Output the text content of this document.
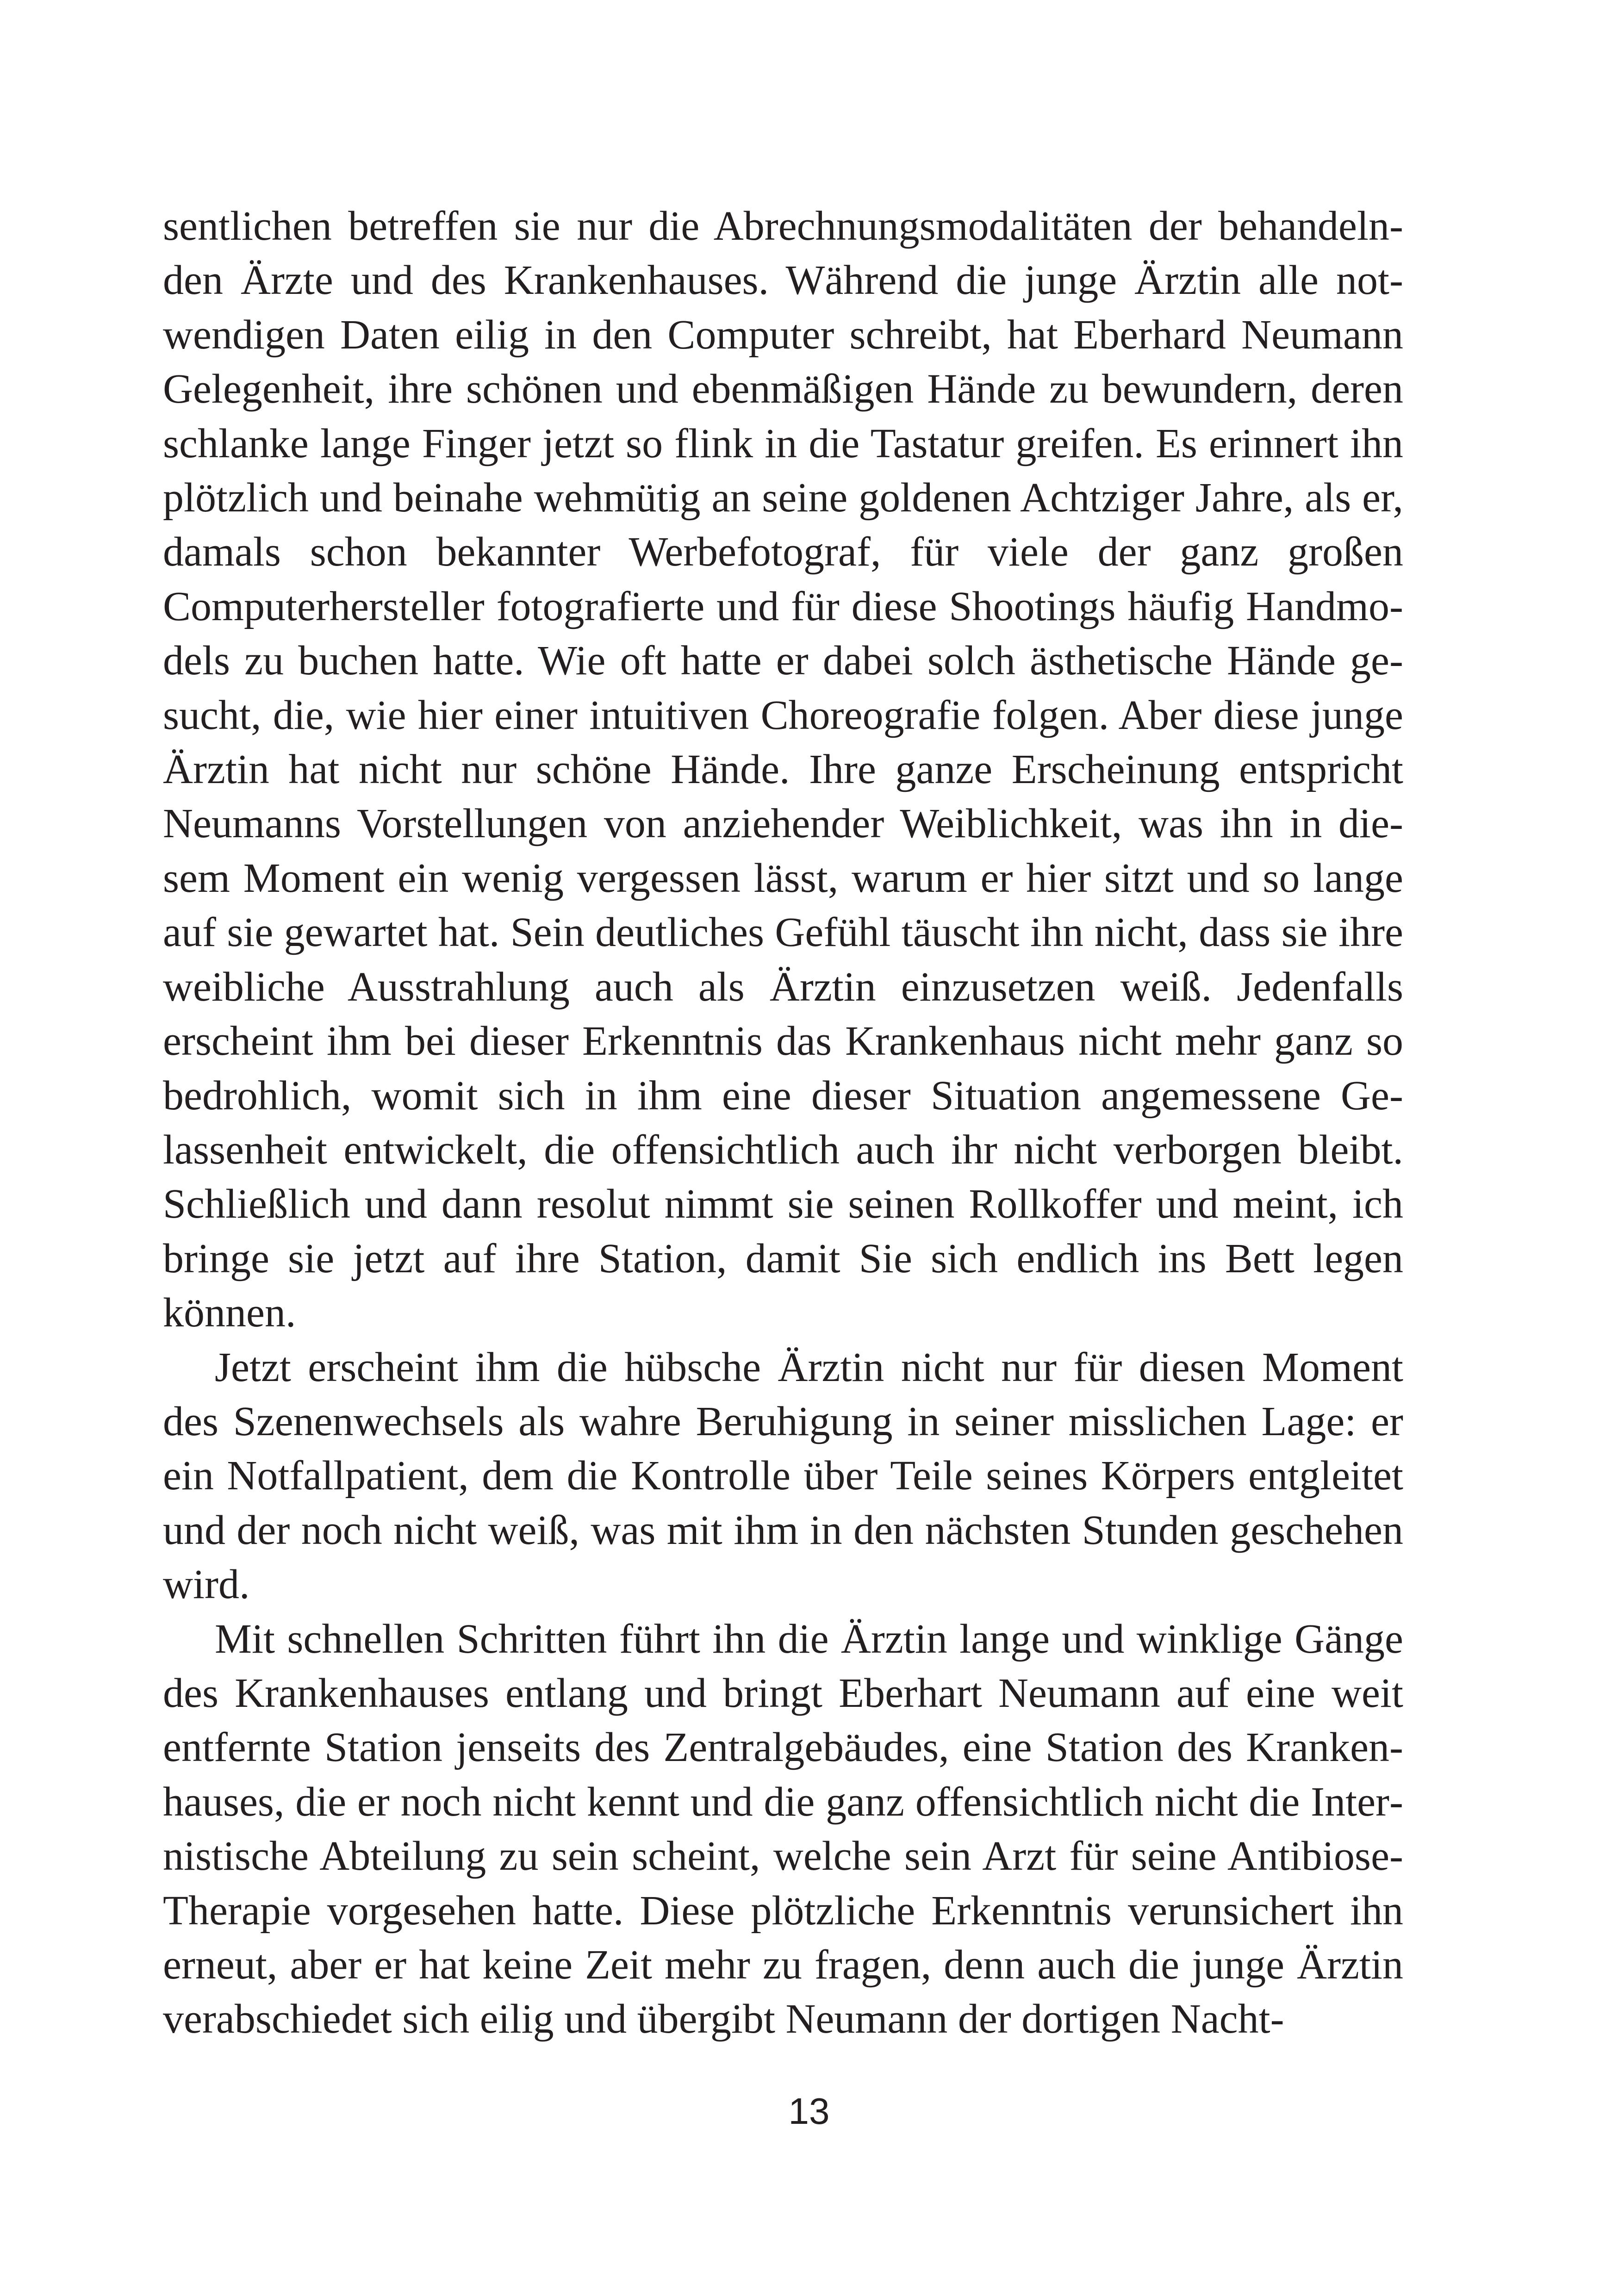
sentlichen betreffen sie nur die Abrechnungsmodalitäten der behandelnden Ärzte und des Krankenhauses. Während die junge Ärztin alle notwendigen Daten eilig in den Computer schreibt, hat Eberhard Neumann Gelegenheit, ihre schönen und ebenmäßigen Hände zu bewundern, deren schlanke lange Finger jetzt so flink in die Tastatur greifen. Es erinnert ihn plötzlich und beinahe wehmütig an seine goldenen Achtziger Jahre, als er, damals schon bekannter Werbefotograf, für viele der ganz großen Computerhersteller fotografierte und für diese Shootings häufig Handmodels zu buchen hatte. Wie oft hatte er dabei solch ästhetische Hände gesucht, die, wie hier einer intuitiven Choreografie folgen. Aber diese junge Ärztin hat nicht nur schöne Hände. Ihre ganze Erscheinung entspricht Neumanns Vorstellungen von anziehender Weiblichkeit, was ihn in diesem Moment ein wenig vergessen lässt, warum er hier sitzt und so lange auf sie gewartet hat. Sein deutliches Gefühl täuscht ihn nicht, dass sie ihre weibliche Ausstrahlung auch als Ärztin einzusetzen weiß. Jedenfalls erscheint ihm bei dieser Erkenntnis das Krankenhaus nicht mehr ganz so bedrohlich, womit sich in ihm eine dieser Situation angemessene Gelassenheit entwickelt, die offensichtlich auch ihr nicht verborgen bleibt. Schließlich und dann resolut nimmt sie seinen Rollkoffer und meint, ich bringe sie jetzt auf ihre Station, damit Sie sich endlich ins Bett legen können.

Jetzt erscheint ihm die hübsche Ärztin nicht nur für diesen Moment des Szenenwechsels als wahre Beruhigung in seiner misslichen Lage: er ein Notfallpatient, dem die Kontrolle über Teile seines Körpers entgleitet und der noch nicht weiß, was mit ihm in den nächsten Stunden geschehen wird.

Mit schnellen Schritten führt ihn die Ärztin lange und winklige Gänge des Krankenhauses entlang und bringt Eberhart Neumann auf eine weit entfernte Station jenseits des Zentralgebäudes, eine Station des Krankenhauses, die er noch nicht kennt und die ganz offensichtlich nicht die Internistische Abteilung zu sein scheint, welche sein Arzt für seine Antibiose-Therapie vorgesehen hatte. Diese plötzliche Erkenntnis verunsichert ihn erneut, aber er hat keine Zeit mehr zu fragen, denn auch die junge Ärztin verabschiedet sich eilig und übergibt Neumann der dortigen Nacht-

13
